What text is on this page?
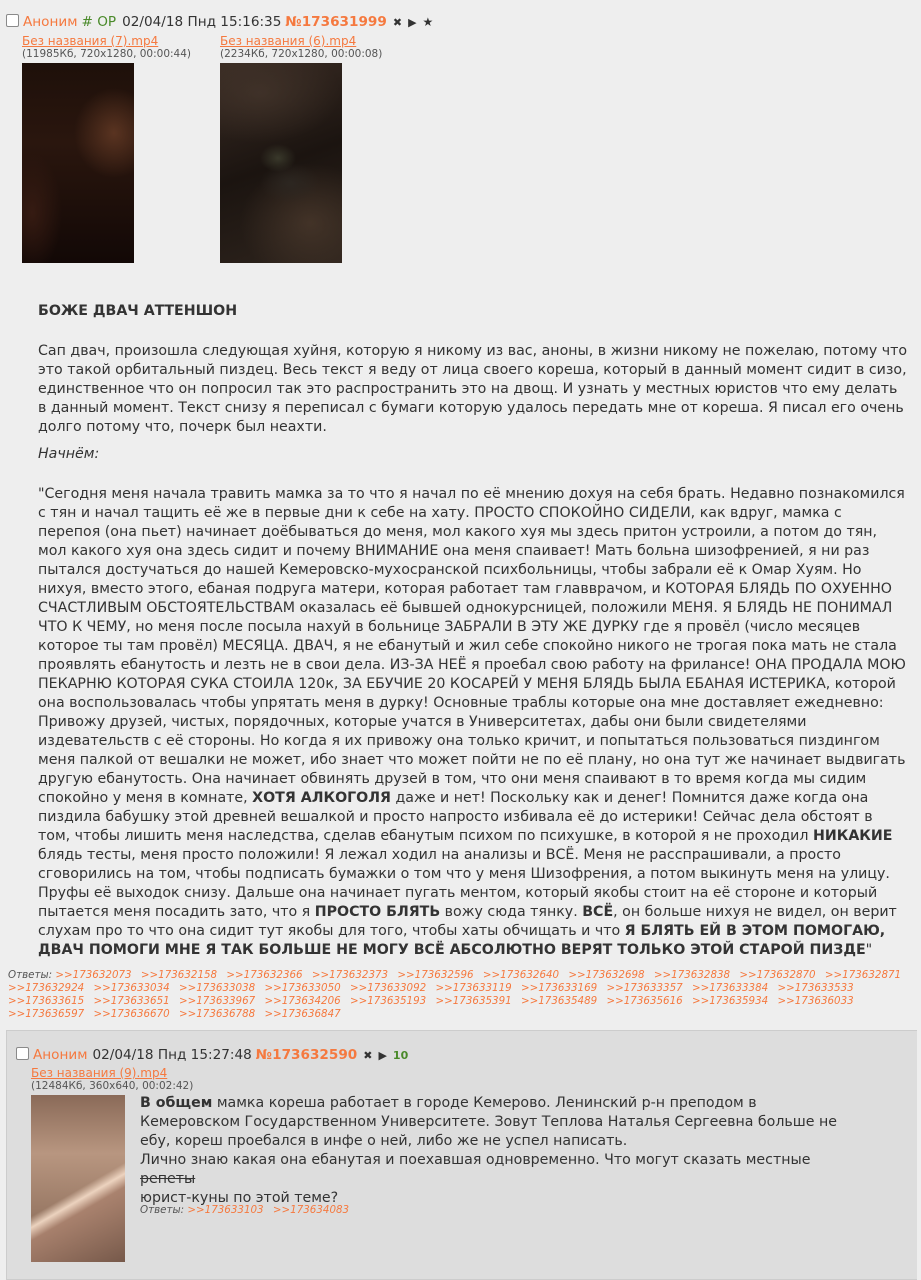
Аноним # OP 02/04/18 Пнд 15:16:35 №173631999 ✖ ▶ ★
Без названия (7).mp4
(11985Кб, 720x1280, 00:00:44)
Без названия (6).mp4
(2234Кб, 720x1280, 00:00:08)

БОЖЕ ДВАЧ АТТЕНШОН

Сап двач, произошла следующая хуйня, которую я никому из вас, аноны, в жизни никому не пожелаю, потому что это такой орбитальный пиздец. Весь текст я веду от лица своего кореша, который в данный момент сидит в сизо, единственное что он попросил так это распространить это на двощ. И узнать у местных юристов что ему делать в данный момент. Текст снизу я переписал с бумаги которую удалось передать мне от кореша. Я писал его очень долго потому что, почерк был неахти.

Начнём:

"Сегодня меня начала травить мамка за то что я начал по её мнению дохуя на себя брать. Недавно познакомился с тян и начал тащить её же в первые дни к себе на хату. ПРОСТО СПОКОЙНО СИДЕЛИ, как вдруг, мамка с перепоя (она пьет) начинает доёбываться до меня, мол какого хуя мы здесь притон устроили, а потом до тян, мол какого хуя она здесь сидит и почему ВНИМАНИЕ она меня спаивает! Мать больна шизофренией, я ни раз пытался достучаться до нашей Кемеровско-мухосранской психбольницы, чтобы забрали её к Омар Хуям. Но нихуя, вместо этого, ебаная подруга матери, которая работает там главврачом, и КОТОРАЯ БЛЯДЬ ПО ОХУЕННО СЧАСТЛИВЫМ ОБСТОЯТЕЛЬСТВАМ оказалась её бывшей однокурсницей, положили МЕНЯ. Я БЛЯДЬ НЕ ПОНИМАЛ ЧТО К ЧЕМУ, но меня после посыла нахуй в больнице ЗАБРАЛИ В ЭТУ ЖЕ ДУРКУ где я провёл (число месяцев которое ты там провёл) МЕСЯЦА. ДВАЧ, я не ебанутый и жил себе спокойно никого не трогая пока мать не стала проявлять ебанутость и лезть не в свои дела. ИЗ-ЗА НЕЁ я проебал свою работу на фрилансе! ОНА ПРОДАЛА МОЮ ПЕКАРНЮ КОТОРАЯ СУКА СТОИЛА 120к, ЗА ЕБУЧИЕ 20 КОСАРЕЙ У МЕНЯ БЛЯДЬ БЫЛА ЕБАНАЯ ИСТЕРИКА, которой она воспользовалась чтобы упрятать меня в дурку! Основные траблы которые она мне доставляет ежедневно: Привожу друзей, чистых, порядочных, которые учатся в Университетах, дабы они были свидетелями издевательств с её стороны. Но когда я их привожу она только кричит, и попытаться пользоваться пиздингом меня палкой от вешалки не может, ибо знает что может пойти не по её плану, но она тут же начинает выдвигать другую ебанутость. Она начинает обвинять друзей в том, что они меня спаивают в то время когда мы сидим спокойно у меня в комнате, ХОТЯ АЛКОГОЛЯ даже и нет! Поскольку как и денег! Помнится даже когда она пиздила бабушку этой древней вешалкой и просто напросто избивала её до истерики! Сейчас дела обстоят в том, чтобы лишить меня наследства, сделав ебанутым психом по психушке, в которой я не проходил НИКАКИЕ блядь тесты, меня просто положили! Я лежал ходил на анализы и ВСЁ. Меня не расспрашивали, а просто сговорились на том, чтобы подписать бумажки о том что у меня Шизофрения, а потом выкинуть меня на улицу. Пруфы её выходок снизу. Дальше она начинает пугать ментом, который якобы стоит на её стороне и который пытается меня посадить зато, что я ПРОСТО БЛЯТЬ вожу сюда тянку. ВСЁ, он больше нихуя не видел, он верит слухам про то что она сидит тут якобы для того, чтобы хаты обчищать и что Я БЛЯТЬ ЕЙ В ЭТОМ ПОМОГАЮ, ДВАЧ ПОМОГИ МНЕ Я ТАК БОЛЬШЕ НЕ МОГУ ВСЁ АБСОЛЮТНО ВЕРЯТ ТОЛЬКО ЭТОЙ СТАРОЙ ПИЗДЕ"

Ответы: >>173632073 >>173632158 >>173632366 >>173632373 >>173632596 >>173632640 >>173632698 >>173632838 >>173632870 >>173632871 >>173632924 >>173633034 >>173633038 >>173633050 >>173633092 >>173633119 >>173633169 >>173633357 >>173633384 >>173633533 >>173633615 >>173633651 >>173633967 >>173634206 >>173635193 >>173635391 >>173635489 >>173635616 >>173635934 >>173636033 >>173636597 >>173636670 >>173636788 >>173636847
Аноним 02/04/18 Пнд 15:27:48 №173632590 ✖ ▶ 10
Без названия (9).mp4
(12484Кб, 360x640, 00:02:42)

В общем мамка кореша работает в городе Кемерово. Ленинский р-н преподом в Кемеровском Государственном Университете. Зовут Теплова Наталья Сергеевна больше не ебу, кореш проебался в инфе о ней, либо же не успел написать.

Лично знаю какая она ебанутая и поехавшая одновременно. Что могут сказать местные репеты

юрист-куны по этой теме?

Ответы: >>173633103 >>173634083
